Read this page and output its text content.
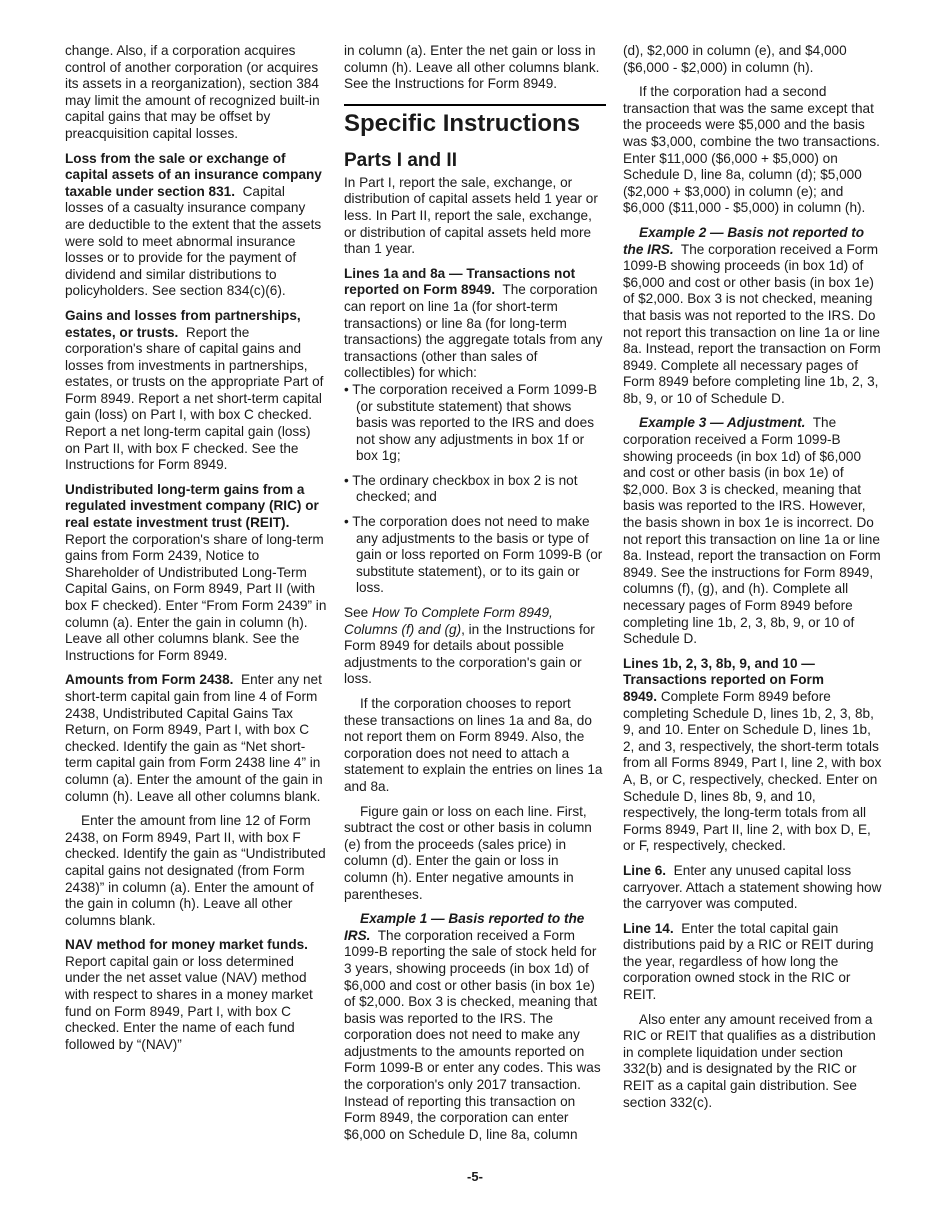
change. Also, if a corporation acquires control of another corporation (or acquires its assets in a reorganization), section 384 may limit the amount of recognized built-in capital gains that may be offset by preacquisition capital losses.

Loss from the sale or exchange of capital assets of an insurance company taxable under section 831. Capital losses of a casualty insurance company are deductible to the extent that the assets were sold to meet abnormal insurance losses or to provide for the payment of dividend and similar distributions to policyholders. See section 834(c)(6).

Gains and losses from partnerships, estates, or trusts. Report the corporation's share of capital gains and losses from investments in partnerships, estates, or trusts on the appropriate Part of Form 8949. Report a net short-term capital gain (loss) on Part I, with box C checked. Report a net long-term capital gain (loss) on Part II, with box F checked. See the Instructions for Form 8949.

Undistributed long-term gains from a regulated investment company (RIC) or real estate investment trust (REIT).  Report the corporation's share of long-term gains from Form 2439, Notice to Shareholder of Undistributed Long-Term Capital Gains, on Form 8949, Part II (with box F checked). Enter “From Form 2439” in column (a). Enter the gain in column (h). Leave all other columns blank. See the Instructions for Form 8949.

Amounts from Form 2438. Enter any net short-term capital gain from line 4 of Form 2438, Undistributed Capital Gains Tax Return, on Form 8949, Part I, with box C checked. Identify the gain as “Net short-term capital gain from Form 2438 line 4” in column (a). Enter the amount of the gain in column (h). Leave all other columns blank.

Enter the amount from line 12 of Form 2438, on Form 8949, Part II, with box F checked. Identify the gain as “Undistributed capital gains not designated (from Form 2438)” in column (a). Enter the amount of the gain in column (h). Leave all other columns blank.

NAV method for money market funds.  Report capital gain or loss determined under the net asset value (NAV) method with respect to shares in a money market fund on Form 8949, Part I, with box C checked. Enter the name of each fund followed by “(NAV)”

in column (a). Enter the net gain or loss in column (h). Leave all other columns blank. See the Instructions for Form 8949.

Specific Instructions
Parts I and II

In Part I, report the sale, exchange, or distribution of capital assets held 1 year or less. In Part II, report the sale, exchange, or distribution of capital assets held more than 1 year.

Lines 1a and 8a — Transactions not reported on Form 8949. The corporation can report on line 1a (for short-term transactions) or line 8a (for long-term transactions) the aggregate totals from any transactions (other than sales of collectibles) for which:

• The corporation received a Form 1099-B (or substitute statement) that shows basis was reported to the IRS and does not show any adjustments in box 1f or box 1g;

• The ordinary checkbox in box 2 is not checked; and

• The corporation does not need to make any adjustments to the basis or type of gain or loss reported on Form 1099-B (or substitute statement), or to its gain or loss.

See How To Complete Form 8949, Columns (f) and (g), in the Instructions for Form 8949 for details about possible adjustments to the corporation's gain or loss.

If the corporation chooses to report these transactions on lines 1a and 8a, do not report them on Form 8949. Also, the corporation does not need to attach a statement to explain the entries on lines 1a and 8a.

Figure gain or loss on each line. First, subtract the cost or other basis in column (e) from the proceeds (sales price) in column (d). Enter the gain or loss in column (h). Enter negative amounts in parentheses.

Example 1 — Basis reported to the IRS. The corporation received a Form 1099-B reporting the sale of stock held for 3 years, showing proceeds (in box 1d) of $6,000 and cost or other basis (in box 1e) of $2,000. Box 3 is checked, meaning that basis was reported to the IRS. The corporation does not need to make any adjustments to the amounts reported on Form 1099-B or enter any codes. This was the corporation's only 2017 transaction. Instead of reporting this transaction on Form 8949, the corporation can enter $6,000 on Schedule D, line 8a, column

(d), $2,000 in column (e), and $4,000 ($6,000 - $2,000) in column (h).

If the corporation had a second transaction that was the same except that the proceeds were $5,000 and the basis was $3,000, combine the two transactions. Enter $11,000 ($6,000 + $5,000) on Schedule D, line 8a, column (d); $5,000 ($2,000 + $3,000) in column (e); and $6,000 ($11,000 - $5,000) in column (h).

Example 2 — Basis not reported to the IRS. The corporation received a Form 1099-B showing proceeds (in box 1d) of $6,000 and cost or other basis (in box 1e) of $2,000. Box 3 is not checked, meaning that basis was not reported to the IRS. Do not report this transaction on line 1a or line 8a. Instead, report the transaction on Form 8949. Complete all necessary pages of Form 8949 before completing line 1b, 2, 3, 8b, 9, or 10 of Schedule D.

Example 3 — Adjustment. The corporation received a Form 1099-B showing proceeds (in box 1d) of $6,000 and cost or other basis (in box 1e) of $2,000. Box 3 is checked, meaning that basis was reported to the IRS. However, the basis shown in box 1e is incorrect. Do not report this transaction on line 1a or line 8a. Instead, report the transaction on Form 8949. See the instructions for Form 8949, columns (f), (g), and (h). Complete all necessary pages of Form 8949 before completing line 1b, 2, 3, 8b, 9, or 10 of Schedule D.

Lines 1b, 2, 3, 8b, 9, and 10 — Transactions reported on Form 8949. Complete Form 8949 before completing Schedule D, lines 1b, 2, 3, 8b, 9, and 10. Enter on Schedule D, lines 1b, 2, and 3, respectively, the short-term totals from all Forms 8949, Part I, line 2, with box A, B, or C, respectively, checked. Enter on Schedule D, lines 8b, 9, and 10, respectively, the long-term totals from all Forms 8949, Part II, line 2, with box D, E, or F, respectively, checked.

Line 6. Enter any unused capital loss carryover. Attach a statement showing how the carryover was computed.

Line 14. Enter the total capital gain distributions paid by a RIC or REIT during the year, regardless of how long the corporation owned stock in the RIC or REIT.

Also enter any amount received from a RIC or REIT that qualifies as a distribution in complete liquidation under section 332(b) and is designated by the RIC or REIT as a capital gain distribution. See section 332(c).

-5-
